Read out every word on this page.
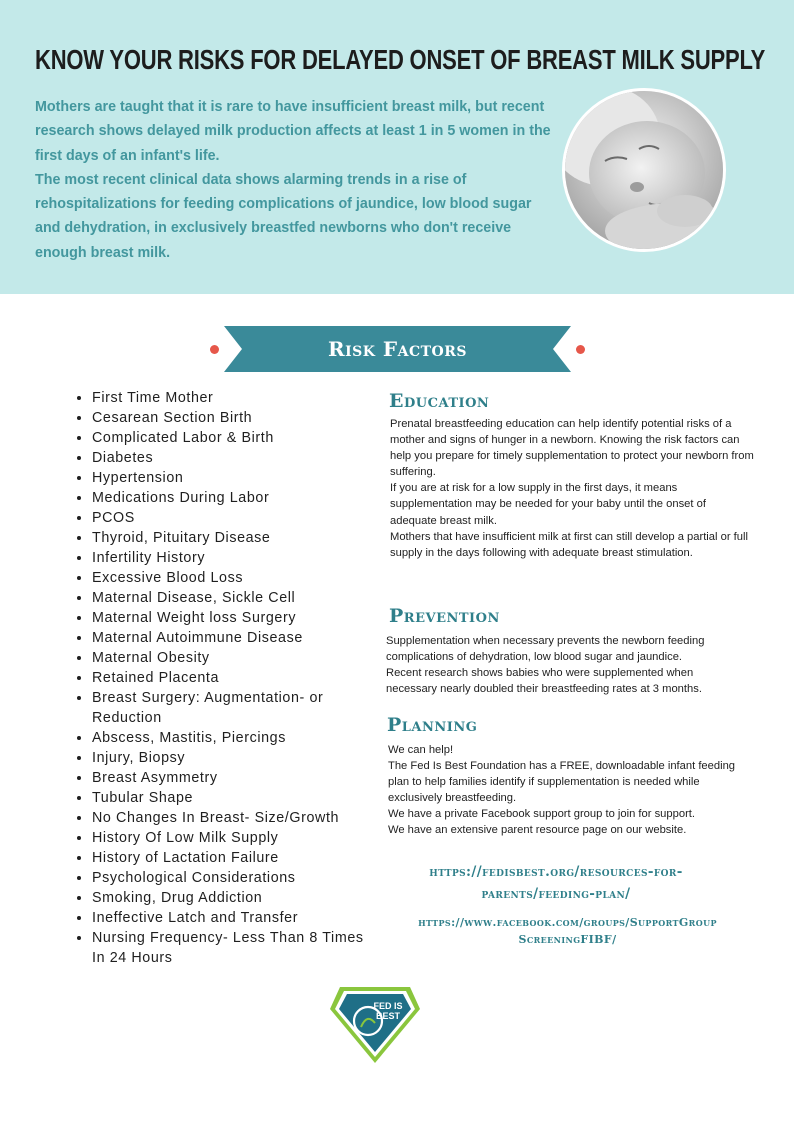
KNOW YOUR RISKS FOR DELAYED ONSET OF BREAST MILK SUPPLY

Mothers are taught that it is rare to have insufficient breast milk, but recent research shows delayed milk production affects at least 1 in 5 women in the first days of an infant's life.

The most recent clinical data shows alarming trends in a rise of rehospitalizations for feeding complications of jaundice, low blood sugar and dehydration, in exclusively breastfed newborns who don't receive enough breast milk.

Risk Factors
• First Time Mother
• Cesarean Section Birth
• Complicated Labor & Birth
• Diabetes
• Hypertension
• Medications During Labor
• PCOS
• Thyroid, Pituitary Disease
• Infertility History
• Excessive Blood Loss
• Maternal Disease, Sickle Cell
• Maternal Weight loss Surgery
• Maternal Autoimmune Disease
• Maternal Obesity
• Retained Placenta
• Breast Surgery: Augmentation- or Reduction
• Abscess, Mastitis, Piercings
• Injury, Biopsy
• Breast Asymmetry
• Tubular Shape
• No Changes In Breast- Size/Growth
• History Of Low Milk Supply
• History of Lactation Failure
• Psychological Considerations
• Smoking, Drug Addiction
• Ineffective Latch and Transfer
• Nursing Frequency- Less Than 8 Times In 24 Hours
Education

Prenatal breastfeeding education can help identify potential risks of a mother and signs of hunger in a newborn. Knowing the risk factors can help you prepare for timely supplementation to protect your newborn from suffering.

If you are at risk for a low supply in the first days, it means supplementation may be needed for your baby until the onset of adequate breast milk.

Mothers that have insufficient milk at first can still develop a partial or full supply in the days following with adequate breast stimulation.

Prevention

Supplementation when necessary prevents the newborn feeding complications of dehydration, low blood sugar and jaundice.

Recent research shows babies who were supplemented when necessary nearly doubled their breastfeeding rates at 3 months.

Planning

We can help!

The Fed Is Best Foundation has a FREE, downloadable infant feeding plan to help families identify if supplementation is needed while exclusively breastfeeding.

We have a private Facebook support group to join for support.

We have an extensive parent resource page on our website.

https://fedisbest.org/resources-for-
parents/feeding-plan/
https://www.facebook.com/groups/SupportGroup
ScreeningFIBF/
FED IS
BEST
